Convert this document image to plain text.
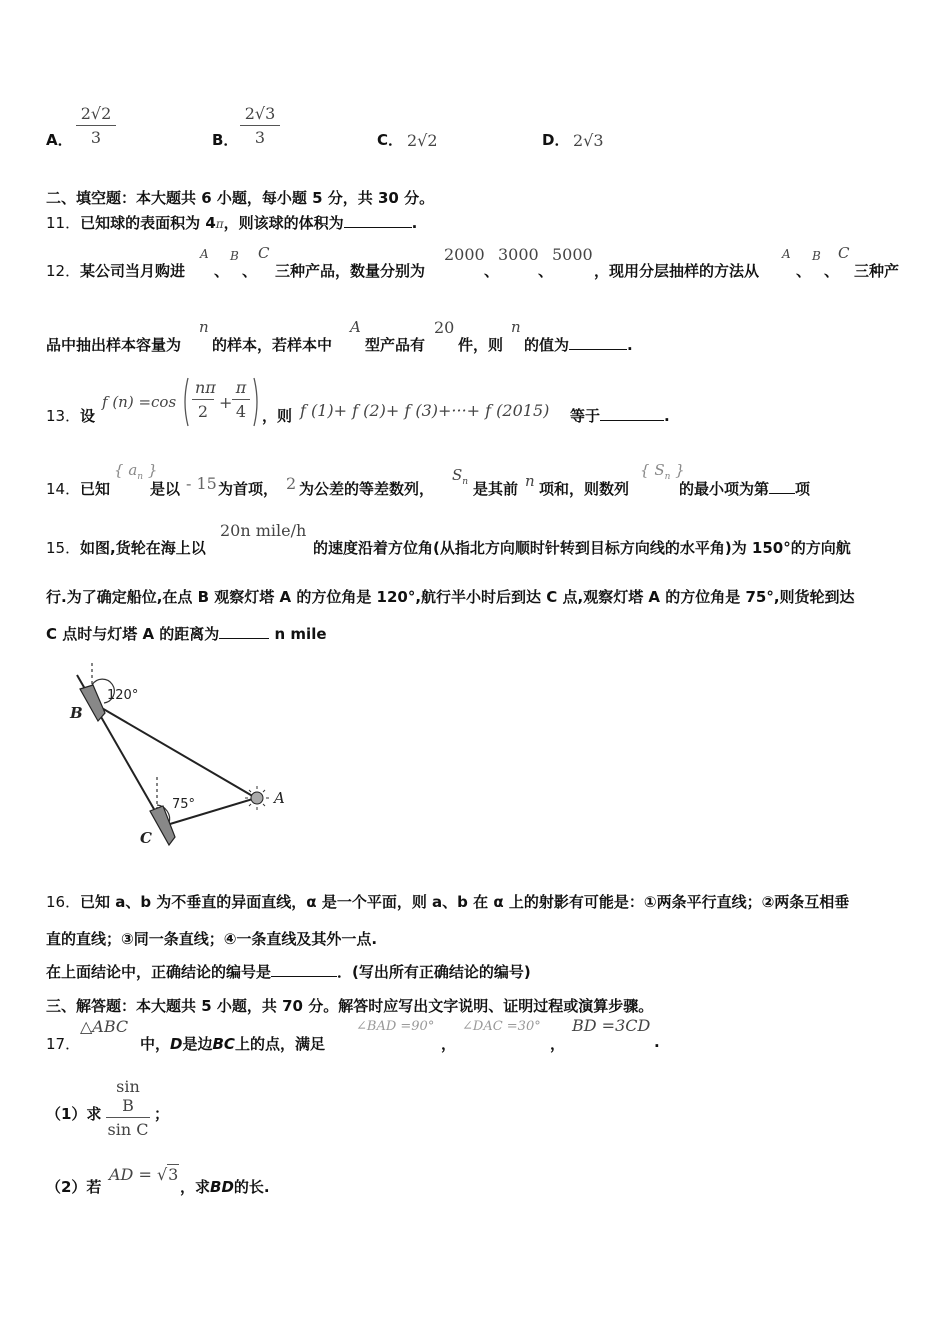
A．
2√2
3	B．
2√3
3	C． 2√2	D． 2√3
二、填空题：本大题共 6 小题，每小题 5 分，共 30 分。
11．已知球的表面积为 4π，则该球的体积为	.
12． 某公司当月购进
A
、
B
、
C
三种产品，数量分别为
2000
、
3000
、
5000
，现用分层抽样的方法从
A
、
B
、
C
三种产
品中抽出样本容量为
n
的样本，若样本中
A
型产品有
20
件，则
n
的值为	.
13． 设
f (n) =cos
nπ
2 +
π
4 ，则 f (1)+ f (2)+ f (3)+···+ f (2015) 等于	.
14． 已知
{ $a_n$ }
是以 - 15 为首项， 2 为公差的等差数列，
$S_n$ 是其前 n 项和，则数列
{ $S_n$ }
的最小项为第 项
15． 如图,货轮在海上以
20n mile/h
的速度沿着方位角(从指北方向顺时针转到目标方向线的水平角)为 150°的方向航
行.为了确定船位,在点 B 观察灯塔 A 的方位角是 120°,航行半小时后到达 C 点,观察灯塔 A 的方位角是 75°,则货轮到达
C 点时与灯塔 A 的距离为	n mile
120°
75°	A
B
C
16． 已知 a、b 为不垂直的异面直线，α 是一个平面，则 a、b 在 α 上的射影有可能是：①两条平行直线；②两条互相垂
直的直线；③同一条直线；④一条直线及其外一点.
在上面结论中，正确结论的编号是	．(写出所有正确结论的编号)
三、解答题：本大题共 5 小题，共 70 分。解答时应写出文字说明、证明过程或演算步骤。
17．
△ABC
中，D是边BC上的点，满足
∠BAD =90°
，
∠DAC =30°
，
BD =3CD
.
（1）求
sin B
sin C
；
（2）若
AD = √3
，求BD的长.
